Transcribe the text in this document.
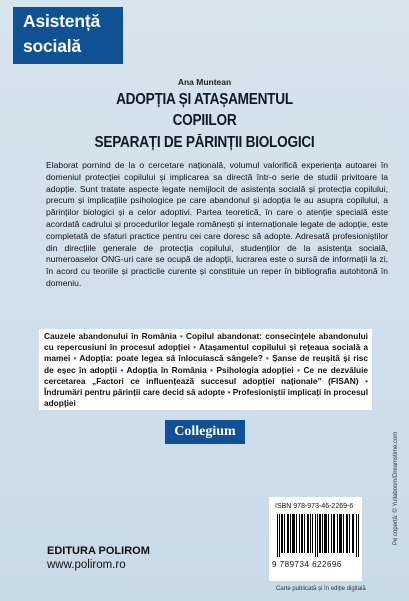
Asistență
socială
Ana Muntean
ADOPȚIA ȘI ATAȘAMENTUL
COPIILOR
SEPARAȚI DE PĂRINȚII BIOLOGICI

Elaborat pornind de la o cercetare națională, volumul valorifică experiența autoarei în domeniul protecției copilului și implicarea sa directă într-o serie de studii privitoare la adopție. Sunt tratate aspecte legate nemijlocit de asistența socială și protecția copilului, precum și implicațiile psihologice pe care abandonul și adopția le au asupra copilului, a părinților biologici și a celor adoptivi. Partea teoretică, în care o atenție specială este acordată cadrului și procedurilor legale românești și internaționale legate de adopție, este completată de sfaturi practice pentru cei care doresc să adopte. Adresată profesioniștilor din direcțiile generale de protecția copilului, studenților de la asistența socială, numeroaselor ONG-uri care se ocupă de adopții, lucrarea este o sursă de informații la zi, în acord cu teoriile și practicile curente și constituie un reper în bibliografia autohtonă în domeniu.

Cauzele abandonului în România • Copilul abandonat: consecințele abandonului cu repercusiuni în procesul adopției • Atașamentul copilului și rețeaua socială a mamei • Adopția: poate legea să înlocuiască sângele? • Șanse de reușită și risc de eșec în adopții • Adopția în România • Psihologia adopției • Ce ne dezvăluie cercetarea „Factori ce influențează succesul adopției naționale” (FISAN) • Îndrumări pentru părinții care decid să adopte • Profesioniștii implicați în procesul adopției
Collegium
EDITURA POLIROM
www.polirom.ro
ISBN 978-973-46-2269-6
9 789734 622696
Carte publicată și în ediție digitală
Pe copertă: © Yuliaboom/Dreamstime.com
